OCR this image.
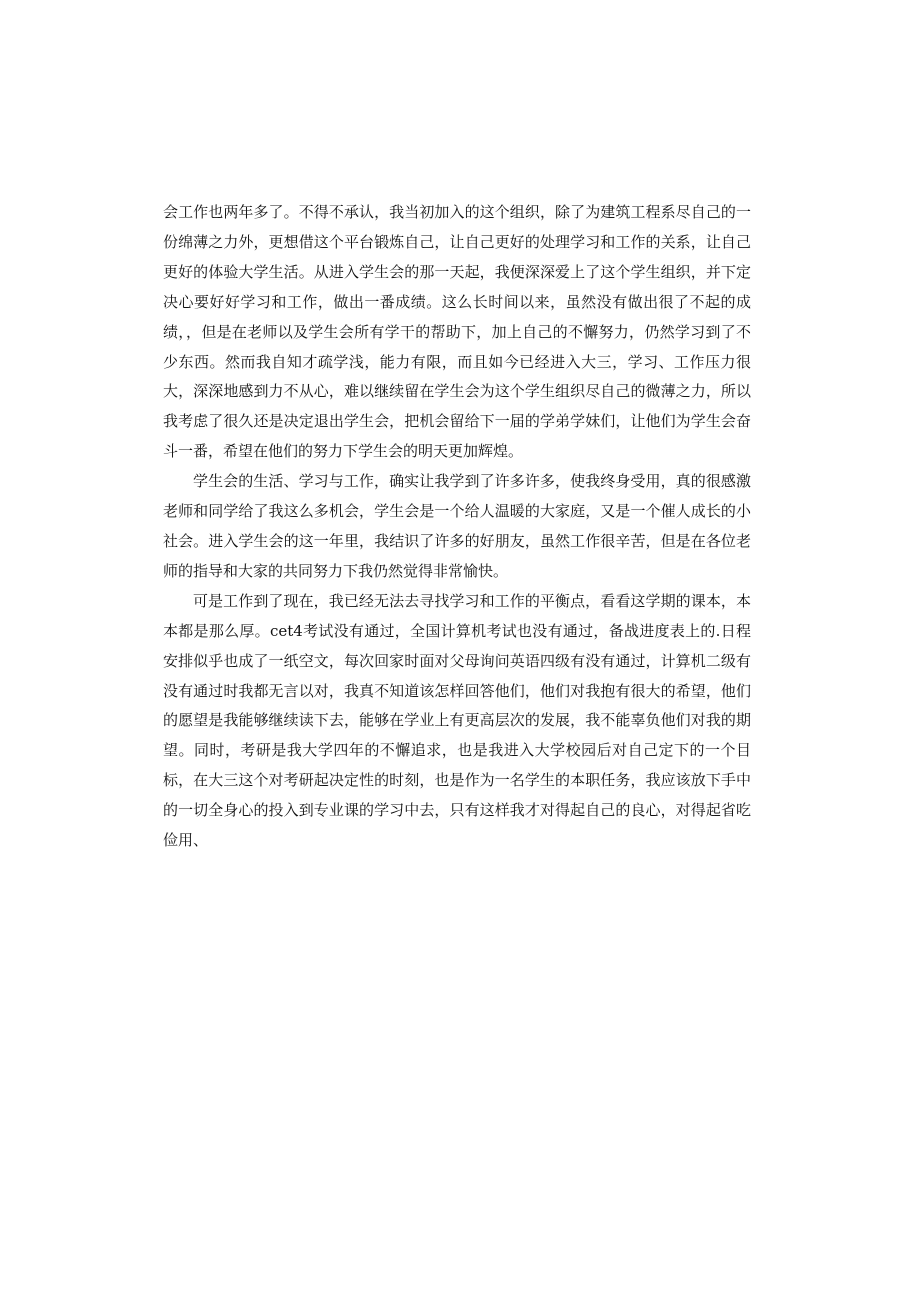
会工作也两年多了。不得不承认，我当初加入的这个组织，除了为建筑工程系尽自己的一份绵薄之力外，更想借这个平台锻炼自己，让自己更好的处理学习和工作的关系，让自己更好的体验大学生活。从进入学生会的那一天起，我便深深爱上了这个学生组织，并下定决心要好好学习和工作，做出一番成绩。这么长时间以来，虽然没有做出很了不起的成绩，，但是在老师以及学生会所有学干的帮助下，加上自己的不懈努力，仍然学习到了不少东西。然而我自知才疏学浅，能力有限，而且如今已经进入大三，学习、工作压力很大，深深地感到力不从心，难以继续留在学生会为这个学生组织尽自己的微薄之力，所以我考虑了很久还是决定退出学生会，把机会留给下一届的学弟学妹们，让他们为学生会奋斗一番，希望在他们的努力下学生会的明天更加辉煌。

学生会的生活、学习与工作，确实让我学到了许多许多，使我终身受用，真的很感激老师和同学给了我这么多机会，学生会是一个给人温暖的大家庭，又是一个催人成长的小社会。进入学生会的这一年里，我结识了许多的好朋友，虽然工作很辛苦，但是在各位老师的指导和大家的共同努力下我仍然觉得非常愉快。

可是工作到了现在，我已经无法去寻找学习和工作的平衡点，看看这学期的课本，本本都是那么厚。cet4考试没有通过，全国计算机考试也没有通过，备战进度表上的.日程安排似乎也成了一纸空文，每次回家时面对父母询问英语四级有没有通过，计算机二级有没有通过时我都无言以对，我真不知道该怎样回答他们，他们对我抱有很大的希望，他们的愿望是我能够继续读下去，能够在学业上有更高层次的发展，我不能辜负他们对我的期望。同时，考研是我大学四年的不懈追求，也是我进入大学校园后对自己定下的一个目标，在大三这个对考研起决定性的时刻，也是作为一名学生的本职任务，我应该放下手中的一切全身心的投入到专业课的学习中去，只有这样我才对得起自己的良心，对得起省吃俭用、
